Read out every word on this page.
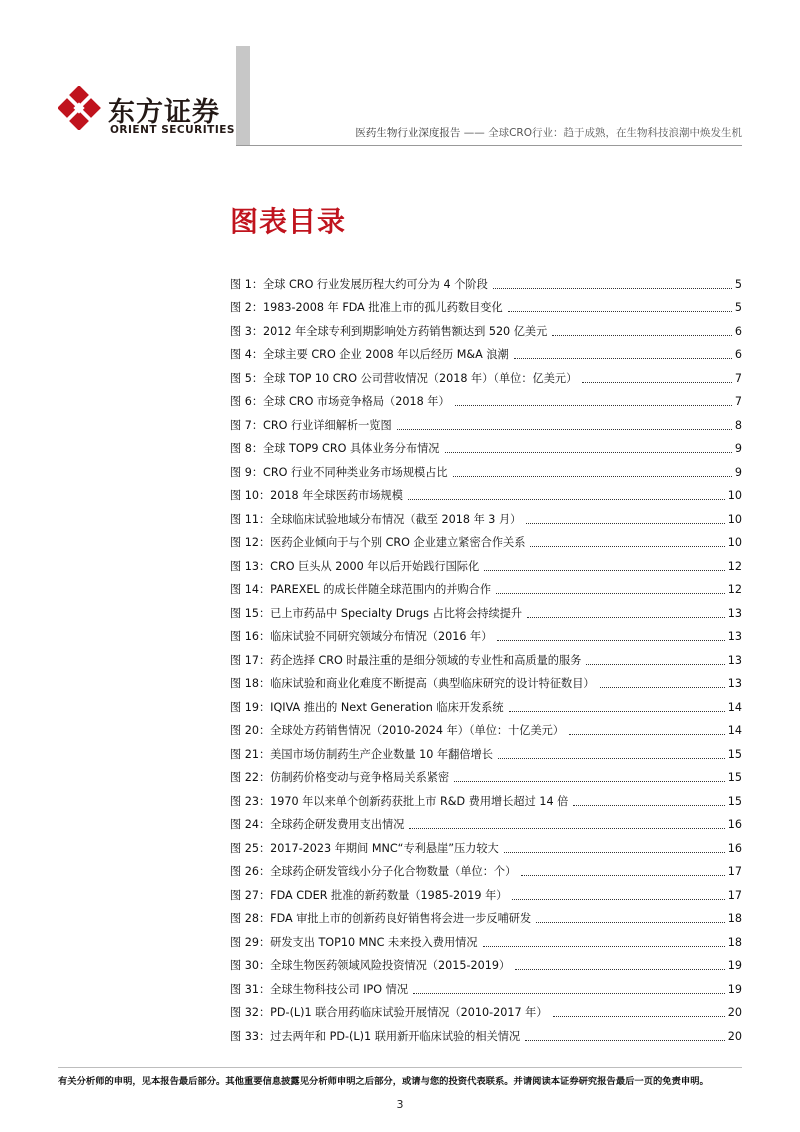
东方证券
ORIENT SECURITIES	医药生物行业深度报告 —— 全球CRO行业：趋于成熟，在生物科技浪潮中焕发生机
图表目录
图 1：全球 CRO 行业发展历程大约可分为 4 个阶段	5
图 2：1983-2008 年 FDA 批准上市的孤儿药数目变化	5
图 3：2012 年全球专利到期影响处方药销售额达到 520 亿美元	6
图 4：全球主要 CRO 企业 2008 年以后经历 M&A 浪潮	6
图 5：全球 TOP 10 CRO 公司营收情况（2018 年）（单位：亿美元）	7
图 6：全球 CRO 市场竞争格局（2018 年）	7
图 7：CRO 行业详细解析一览图	8
图 8：全球 TOP9 CRO 具体业务分布情况	9
图 9：CRO 行业不同种类业务市场规模占比	9
图 10：2018 年全球医药市场规模	10
图 11：全球临床试验地域分布情况（截至 2018 年 3 月）	10
图 12：医药企业倾向于与个别 CRO 企业建立紧密合作关系	10
图 13：CRO 巨头从 2000 年以后开始践行国际化	12
图 14：PAREXEL 的成长伴随全球范围内的并购合作	12
图 15：已上市药品中 Specialty Drugs 占比将会持续提升	13
图 16：临床试验不同研究领域分布情况（2016 年）	13
图 17：药企选择 CRO 时最注重的是细分领域的专业性和高质量的服务	13
图 18：临床试验和商业化难度不断提高（典型临床研究的设计特征数目）	13
图 19：IQIVA 推出的 Next Generation 临床开发系统	14
图 20：全球处方药销售情况（2010-2024 年）（单位：十亿美元）	14
图 21：美国市场仿制药生产企业数量 10 年翻倍增长	15
图 22：仿制药价格变动与竞争格局关系紧密	15
图 23：1970 年以来单个创新药获批上市 R&D 费用增长超过 14 倍	15
图 24：全球药企研发费用支出情况	16
图 25：2017-2023 年期间 MNC“专利悬崖”压力较大	16
图 26：全球药企研发管线小分子化合物数量（单位：个）	17
图 27：FDA CDER 批准的新药数量（1985-2019 年）	17
图 28：FDA 审批上市的创新药良好销售将会进一步反哺研发	18
图 29：研发支出 TOP10 MNC 未来投入费用情况	18
图 30：全球生物医药领域风险投资情况（2015-2019）	19
图 31：全球生物科技公司 IPO 情况	19
图 32：PD-(L)1 联合用药临床试验开展情况（2010-2017 年）	20
图 33：过去两年和 PD-(L)1 联用新开临床试验的相关情况	20
有关分析师的申明，见本报告最后部分。其他重要信息披露见分析师申明之后部分，或请与您的投资代表联系。并请阅读本证券研究报告最后一页的免责申明。
3
